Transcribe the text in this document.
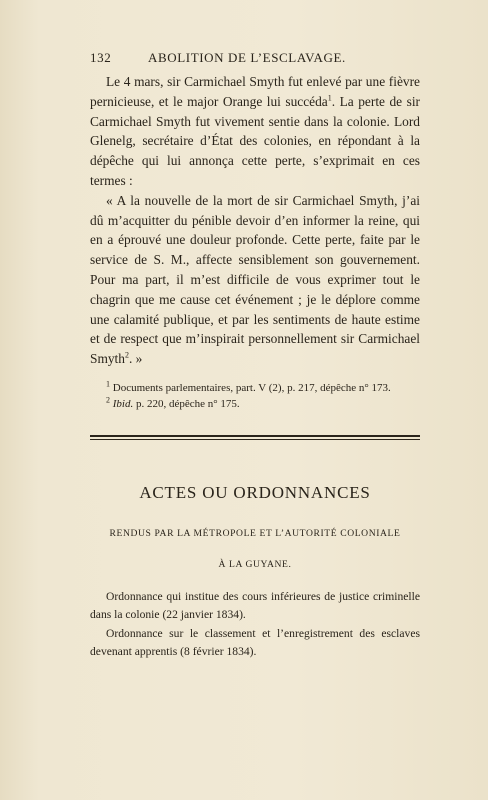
132	ABOLITION DE L’ESCLAVAGE.

Le 4 mars, sir Carmichael Smyth fut enlevé par une fièvre pernicieuse, et le major Orange lui succéda$^1$. La perte de sir Carmichael Smyth fut vivement sentie dans la colonie. Lord Glenelg, secrétaire d’État des colonies, en répondant à la dépêche qui lui annonça cette perte, s’exprimait en ces termes :

« A la nouvelle de la mort de sir Carmichael Smyth, j’ai dû m’acquitter du pénible devoir d’en informer la reine, qui en a éprouvé une douleur profonde. Cette perte, faite par le service de S. M., affecte sensiblement son gouvernement. Pour ma part, il m’est difficile de vous exprimer tout le chagrin que me cause cet événement ; je le déplore comme une calamité publique, et par les sentiments de haute estime et de respect que m’inspirait personnellement sir Carmichael Smyth$^2$. »

$^1$ Documents parlementaires, part. V (2), p. 217, dépêche n° 173.
$^2$ Ibid. p. 220, dépêche n° 175.
ACTES OU ORDONNANCES
RENDUS PAR LA MÉTROPOLE ET L’AUTORITÉ COLONIALE
À LA GUYANE.
Ordonnance qui institue des cours inférieures de justice criminelle dans la colonie (22 janvier 1834).
Ordonnance sur le classement et l’enregistrement des esclaves devenant apprentis (8 février 1834).
